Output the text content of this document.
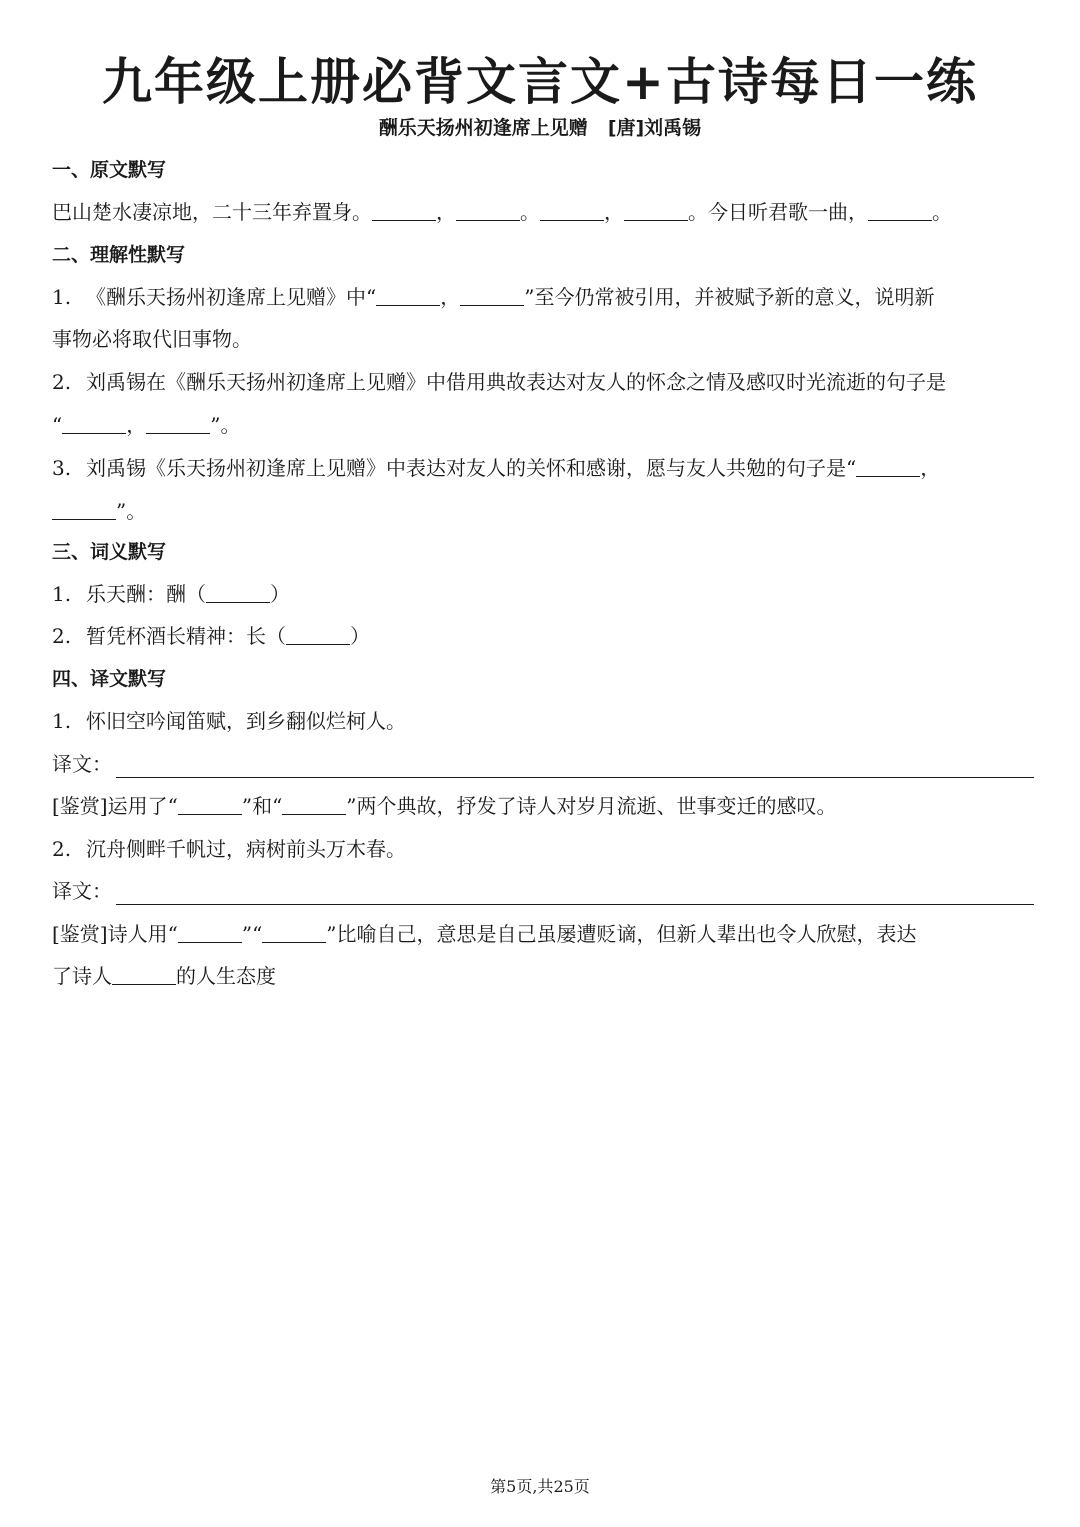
九年级上册必背文言文+古诗每日一练
酬乐天扬州初逢席上见赠 [唐]刘禹锡
一、原文默写
巴山楚水凄凉地，二十三年弃置身。	，	。	，	。今日听君歌一曲，	。
二、理解性默写
1. 《酬乐天扬州初逢席上见赠》中“	，	”至今仍常被引用，并被赋予新的意义，说明新
事物必将取代旧事物。
2. 刘禹锡在《酬乐天扬州初逢席上见赠》中借用典故表达对友人的怀念之情及感叹时光流逝的句子是
“	，	”。
3. 刘禹锡《乐天扬州初逢席上见赠》中表达对友人的关怀和感谢，愿与友人共勉的句子是“	，
”。
三、词义默写
1. 乐天酬：酬（	）
2. 暂凭杯酒长精神：长（	）
四、译文默写
1. 怀旧空吟闻笛赋，到乡翻似烂柯人。
译文：
[鉴赏]运用了“	”和“	”两个典故，抒发了诗人对岁月流逝、世事变迁的感叹。
2. 沉舟侧畔千帆过，病树前头万木春。
译文：
[鉴赏]诗人用“	”“	”比喻自己，意思是自己虽屡遭贬谪，但新人辈出也令人欣慰，表达
了诗人	的人生态度
第5页,共25页
